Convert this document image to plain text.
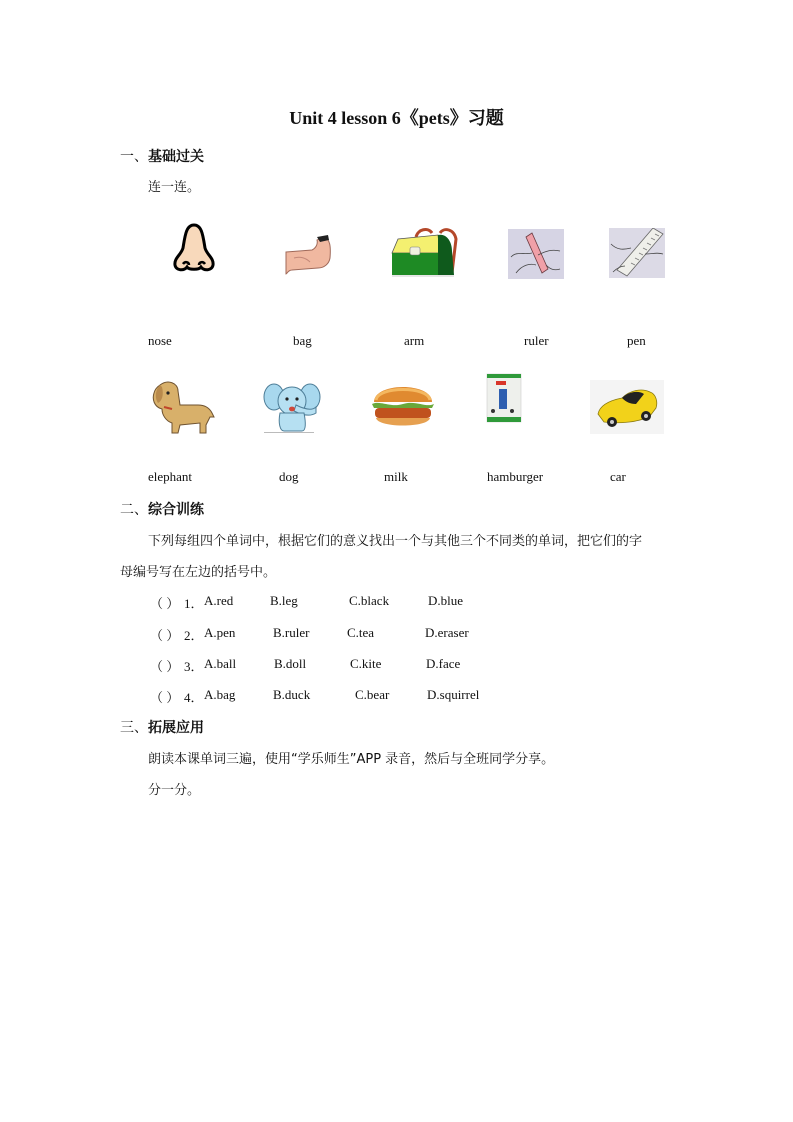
Unit 4 lesson 6《pets》习题
一、基础过关
连一连。
nose	bag	arm	ruler	pen
elephant	dog	milk	hamburger	car
二、综合训练
下列每组四个单词中，根据它们的意义找出一个与其他三个不同类的单词，把它们的字
母编号写在左边的括号中。
（ ） 1． A.red	B.leg	C.black	D.blue
（ ） 2． A.pen	B.ruler	C.tea	D.eraser
（ ） 3． A.ball	B.doll	C.kite	D.face
（ ） 4． A.bag	B.duck	C.bear	D.squirrel
三、拓展应用
朗读本课单词三遍，使用“学乐师生”APP 录音，然后与全班同学分享。
分一分。
